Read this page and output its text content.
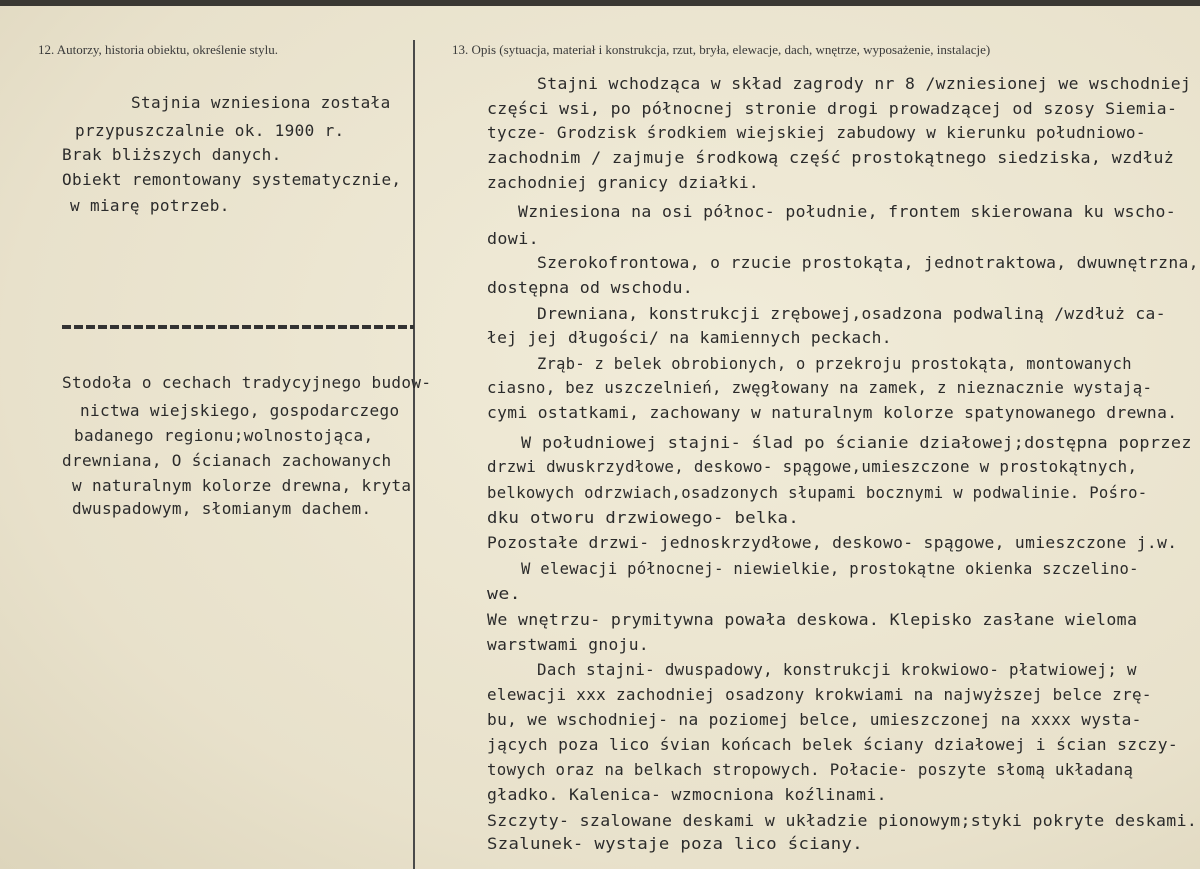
12. Autorzy, historia obiektu, określenie stylu.	13. Opis (sytuacja, materiał i konstrukcja, rzut, bryła, elewacje, dach, wnętrze, wyposażenie, instalacje)
Stajnia wzniesiona została
przypuszczalnie ok. 1900 r.
Brak bliższych danych.
Obiekt remontowany systematycznie,
w miarę potrzeb.
Stodoła o cechach tradycyjnego budow-
nictwa wiejskiego, gospodarczego
badanego regionu;wolnostojąca,
drewniana, O ścianach zachowanych
w naturalnym kolorze drewna, kryta
dwuspadowym, słomianym dachem.
Stajni wchodząca w skład zagrody nr 8 /wzniesionej we wschodniej
części wsi, po północnej stronie drogi prowadzącej od szosy Siemia-
tycze- Grodzisk środkiem wiejskiej zabudowy w kierunku południowo-
zachodnim / zajmuje środkową część prostokątnego siedziska, wzdłuż
zachodniej granicy działki.
Wzniesiona na osi północ- południe, frontem skierowana ku wscho-
dowi.
Szerokofrontowa, o rzucie prostokąta, jednotraktowa, dwuwnętrzna,
dostępna od wschodu.
Drewniana, konstrukcji zrębowej,osadzona podwaliną /wzdłuż ca-
łej jej długości/ na kamiennych peckach.
Zrąb- z belek obrobionych, o przekroju prostokąta, montowanych
ciasno, bez uszczelnień, zwęgłowany na zamek, z nieznacznie wystają-
cymi ostatkami, zachowany w naturalnym kolorze spatynowanego drewna.
W południowej stajni- ślad po ścianie działowej;dostępna poprzez
drzwi dwuskrzydłowe, deskowo- spągowe,umieszczone w prostokątnych,
belkowych odrzwiach,osadzonych słupami bocznymi w podwalinie. Pośro-
dku otworu drzwiowego- belka.
Pozostałe drzwi- jednoskrzydłowe, deskowo- spągowe, umieszczone j.w.
W elewacji północnej- niewielkie, prostokątne okienka szczelino-
we.
We wnętrzu- prymitywna powała deskowa. Klepisko zasłane wieloma
warstwami gnoju.
Dach stajni- dwuspadowy, konstrukcji krokwiowo- płatwiowej; w
elewacji xxx zachodniej osadzony krokwiami na najwyższej belce zrę-
bu, we wschodniej- na poziomej belce, umieszczonej na xxxx wysta-
jących poza lico śvian końcach belek ściany działowej i ścian szczy-
towych oraz na belkach stropowych. Połacie- poszyte słomą układaną
gładko. Kalenica- wzmocniona koźlinami.
Szczyty- szalowane deskami w układzie pionowym;styki pokryte deskami.
Szalunek- wystaje poza lico ściany.
